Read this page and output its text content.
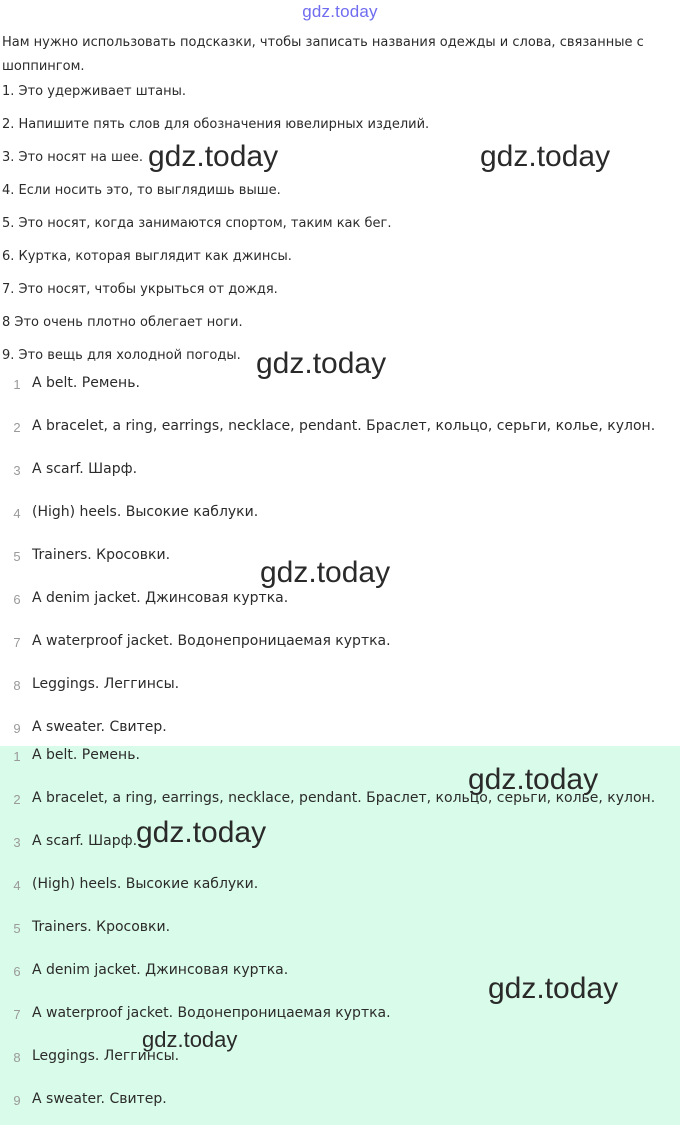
gdz.today
Нам нужно использовать подсказки, чтобы записать названия одежды и слова, связанные с шоппингом.
1. Это удерживает штаны.
2. Напишите пять слов для обозначения ювелирных изделий.
3. Это носят на шее.
4. Если носить это, то выглядишь выше.
5. Это носят, когда занимаются спортом, таким как бег.
6. Куртка, которая выглядит как джинсы.
7. Это носят, чтобы укрыться от дождя.
8 Это очень плотно облегает ноги.
9. Это вещь для холодной погоды.
1 A belt. Ремень.
2 A bracelet, a ring, earrings, necklace, pendant. Браслет, кольцо, серьги, колье, кулон.
3 A scarf. Шарф.
4 (High) heels. Высокие каблуки.
5 Trainers. Кросовки.
6 A denim jacket. Джинсовая куртка.
7 A waterproof jacket. Водонепроницаемая куртка.
8 Leggings. Леггинсы.
9 A sweater. Свитер.
1 A belt. Ремень.
2 A bracelet, a ring, earrings, necklace, pendant. Браслет, кольцо, серьги, колье, кулон.
3 A scarf. Шарф.
4 (High) heels. Высокие каблуки.
5 Trainers. Кросовки.
6 A denim jacket. Джинсовая куртка.
7 A waterproof jacket. Водонепроницаемая куртка.
8 Leggings. Леггинсы.
9 A sweater. Свитер.
gdz.today	gdz.today
gdz.today
gdz.today
gdz.today
gdz.today
gdz.today
gdz.today
